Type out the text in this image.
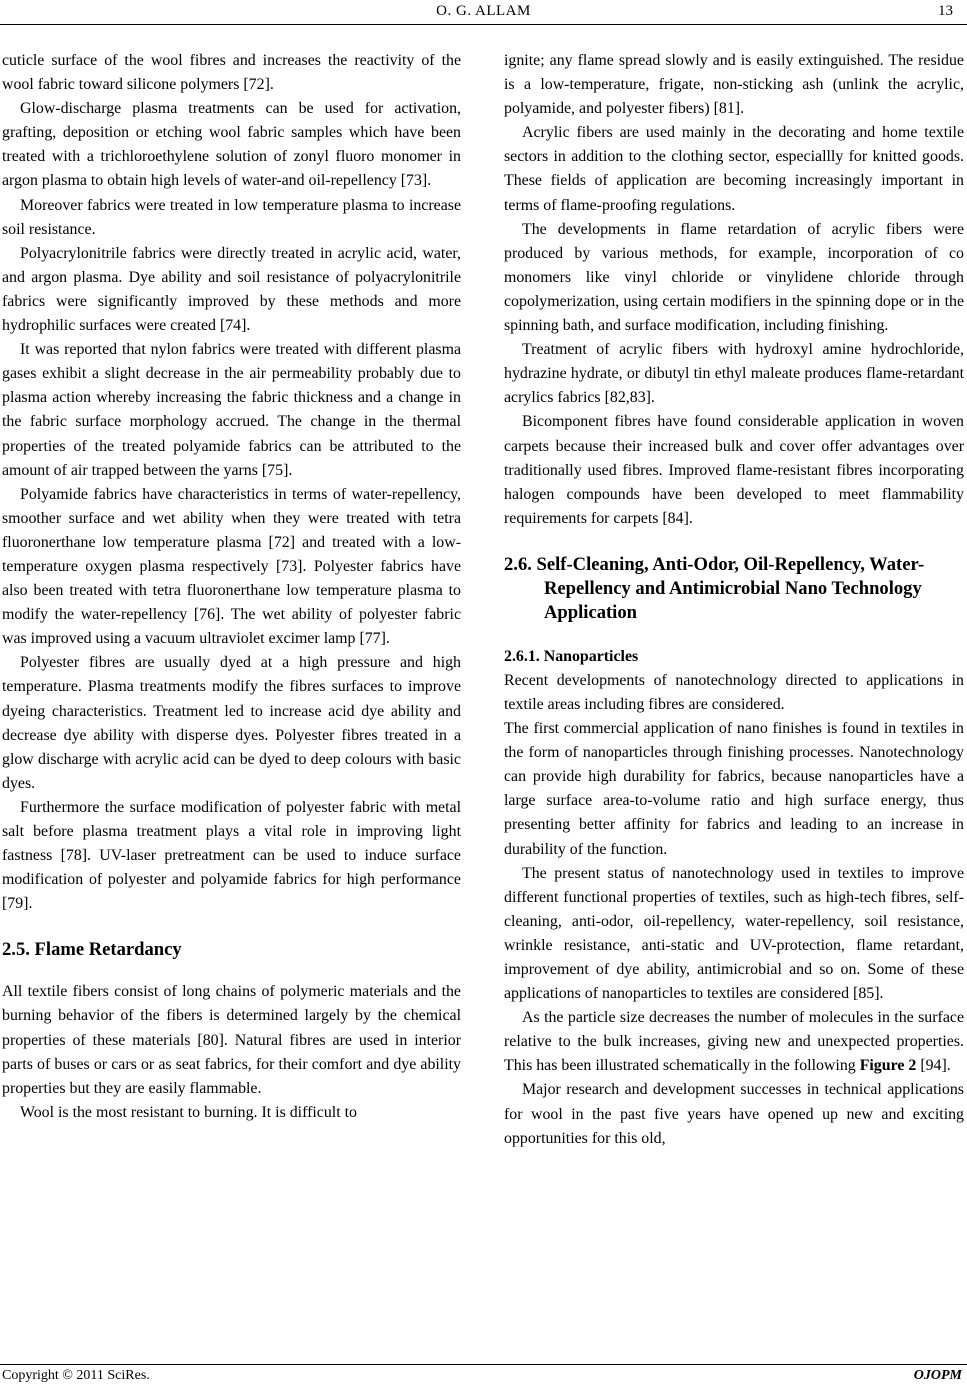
O. G. ALLAM	13

cuticle surface of the wool fibres and increases the reactivity of the wool fabric toward silicone polymers [72].

Glow-discharge plasma treatments can be used for activation, grafting, deposition or etching wool fabric samples which have been treated with a trichloroethylene solution of zonyl fluoro monomer in argon plasma to obtain high levels of water-and oil-repellency [73].

Moreover fabrics were treated in low temperature plasma to increase soil resistance.

Polyacrylonitrile fabrics were directly treated in acrylic acid, water, and argon plasma. Dye ability and soil resistance of polyacrylonitrile fabrics were significantly improved by these methods and more hydrophilic surfaces were created [74].

It was reported that nylon fabrics were treated with different plasma gases exhibit a slight decrease in the air permeability probably due to plasma action whereby increasing the fabric thickness and a change in the fabric surface morphology accrued. The change in the thermal properties of the treated polyamide fabrics can be attributed to the amount of air trapped between the yarns [75].

Polyamide fabrics have characteristics in terms of water-repellency, smoother surface and wet ability when they were treated with tetra fluoronerthane low temperature plasma [72] and treated with a low-temperature oxygen plasma respectively [73]. Polyester fabrics have also been treated with tetra fluoronerthane low temperature plasma to modify the water-repellency [76]. The wet ability of polyester fabric was improved using a vacuum ultraviolet excimer lamp [77].

Polyester fibres are usually dyed at a high pressure and high temperature. Plasma treatments modify the fibres surfaces to improve dyeing characteristics. Treatment led to increase acid dye ability and decrease dye ability with disperse dyes. Polyester fibres treated in a glow discharge with acrylic acid can be dyed to deep colours with basic dyes.

Furthermore the surface modification of polyester fabric with metal salt before plasma treatment plays a vital role in improving light fastness [78]. UV-laser pretreatment can be used to induce surface modification of polyester and polyamide fabrics for high performance [79].

2.5. Flame Retardancy

All textile fibers consist of long chains of polymeric materials and the burning behavior of the fibers is determined largely by the chemical properties of these materials [80]. Natural fibres are used in interior parts of buses or cars or as seat fabrics, for their comfort and dye ability properties but they are easily flammable.

Wool is the most resistant to burning. It is difficult to

ignite; any flame spread slowly and is easily extinguished. The residue is a low-temperature, frigate, non-sticking ash (unlink the acrylic, polyamide, and polyester fibers) [81].

Acrylic fibers are used mainly in the decorating and home textile sectors in addition to the clothing sector, especiallly for knitted goods. These fields of application are becoming increasingly important in terms of flame-proofing regulations.

The developments in flame retardation of acrylic fibers were produced by various methods, for example, incorporation of co monomers like vinyl chloride or vinylidene chloride through copolymerization, using certain modifiers in the spinning dope or in the spinning bath, and surface modification, including finishing.

Treatment of acrylic fibers with hydroxyl amine hydrochloride, hydrazine hydrate, or dibutyl tin ethyl maleate produces flame-retardant acrylics fabrics [82,83].

Bicomponent fibres have found considerable application in woven carpets because their increased bulk and cover offer advantages over traditionally used fibres. Improved flame-resistant fibres incorporating halogen compounds have been developed to meet flammability requirements for carpets [84].

2.6. Self-Cleaning, Anti-Odor, Oil-Repellency, Water-Repellency and Antimicrobial Nano Technology Application
2.6.1. Nanoparticles

Recent developments of nanotechnology directed to applications in textile areas including fibres are considered.

The first commercial application of nano finishes is found in textiles in the form of nanoparticles through finishing processes. Nanotechnology can provide high durability for fabrics, because nanoparticles have a large surface area-to-volume ratio and high surface energy, thus presenting better affinity for fabrics and leading to an increase in durability of the function.

The present status of nanotechnology used in textiles to improve different functional properties of textiles, such as high-tech fibres, self-cleaning, anti-odor, oil-repellency, water-repellency, soil resistance, wrinkle resistance, anti-static and UV-protection, flame retardant, improvement of dye ability, antimicrobial and so on. Some of these applications of nanoparticles to textiles are considered [85].

As the particle size decreases the number of molecules in the surface relative to the bulk increases, giving new and unexpected properties. This has been illustrated schematically in the following Figure 2 [94].

Major research and development successes in technical applications for wool in the past five years have opened up new and exciting opportunities for this old,

Copyright © 2011 SciRes.	OJOPM
